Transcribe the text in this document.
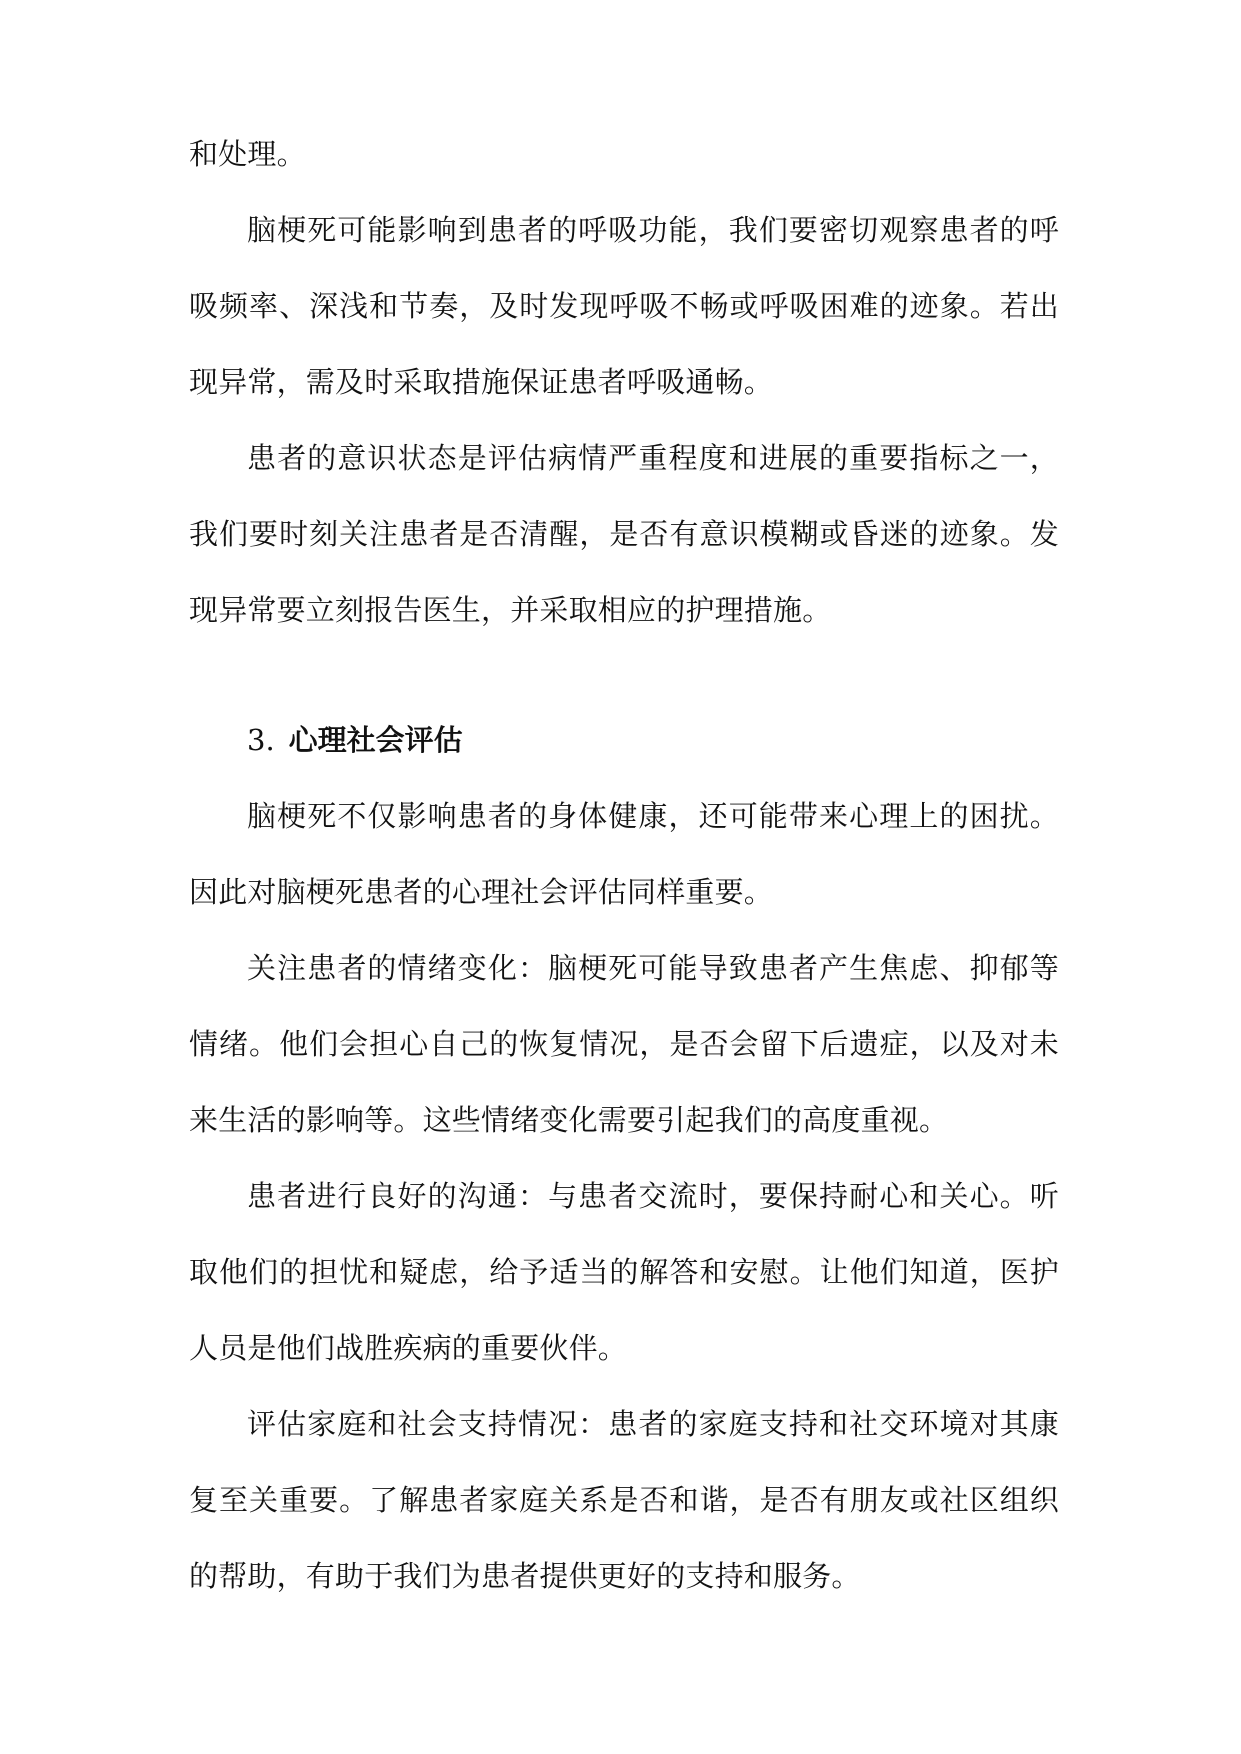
和处理。

脑梗死可能影响到患者的呼吸功能，我们要密切观察患者的呼吸频率、深浅和节奏，及时发现呼吸不畅或呼吸困难的迹象。若出现异常，需及时采取措施保证患者呼吸通畅。

患者的意识状态是评估病情严重程度和进展的重要指标之一，我们要时刻关注患者是否清醒，是否有意识模糊或昏迷的迹象。发现异常要立刻报告医生，并采取相应的护理措施。

3. 心理社会评估

脑梗死不仅影响患者的身体健康，还可能带来心理上的困扰。因此对脑梗死患者的心理社会评估同样重要。

关注患者的情绪变化：脑梗死可能导致患者产生焦虑、抑郁等情绪。他们会担心自己的恢复情况，是否会留下后遗症，以及对未来生活的影响等。这些情绪变化需要引起我们的高度重视。

患者进行良好的沟通：与患者交流时，要保持耐心和关心。听取他们的担忧和疑虑，给予适当的解答和安慰。让他们知道，医护人员是他们战胜疾病的重要伙伴。

评估家庭和社会支持情况：患者的家庭支持和社交环境对其康复至关重要。了解患者家庭关系是否和谐，是否有朋友或社区组织的帮助，有助于我们为患者提供更好的支持和服务。
